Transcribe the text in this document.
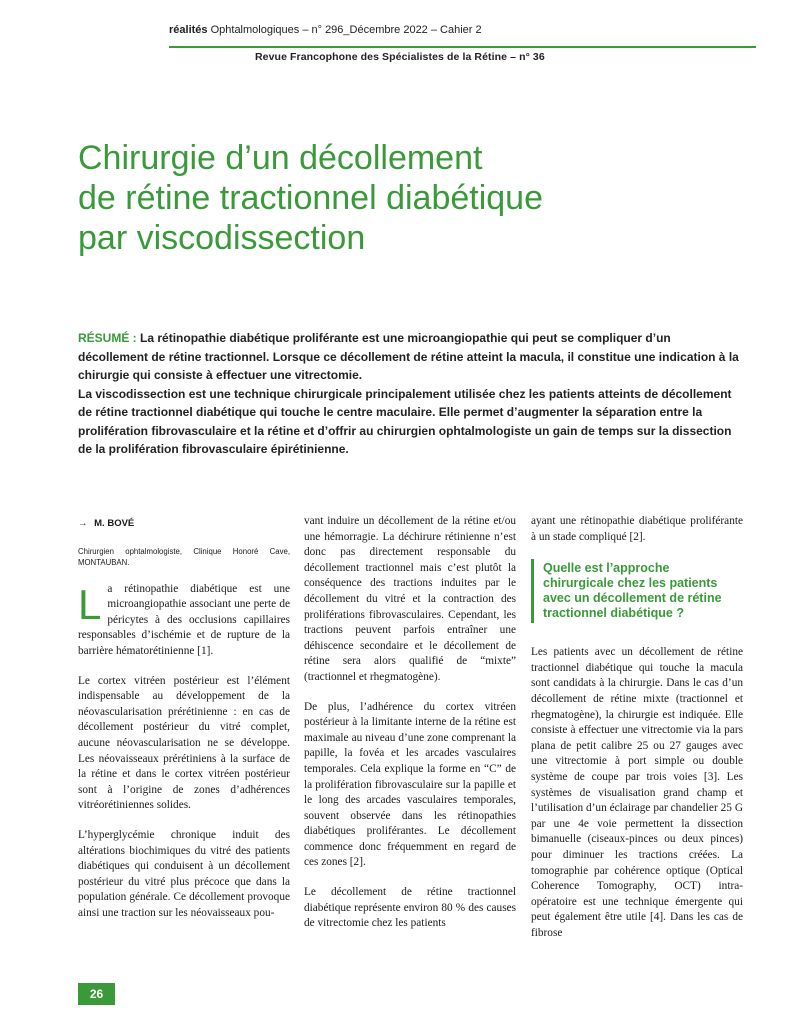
réalités Ophtalmologiques – n° 296_Décembre 2022 – Cahier 2
Revue Francophone des Spécialistes de la Rétine – n° 36
Chirurgie d’un décollement
de rétine tractionnel diabétique
par viscodissection
RÉSUMÉ : La rétinopathie diabétique proliférante est une microangiopathie qui peut se compliquer d’un décollement de rétine tractionnel. Lorsque ce décollement de rétine atteint la macula, il constitue une indication à la chirurgie qui consiste à effectuer une vitrectomie.
La viscodissection est une technique chirurgicale principalement utilisée chez les patients atteints de décollement de rétine tractionnel diabétique qui touche le centre maculaire. Elle permet d’augmenter la séparation entre la prolifération fibrovasculaire et la rétine et d’offrir au chirurgien ophtalmologiste un gain de temps sur la dissection de la prolifération fibrovasculaire épirétinienne.

→ M. BOVÉ

Chirurgien ophtalmologiste, Clinique Honoré Cave, MONTAUBAN.

L a rétinopathie diabétique est une microangiopathie associant une perte de péricytes à des occlusions capillaires responsables d’ischémie et de rupture de la barrière hématorétinienne [1].

Le cortex vitréen postérieur est l’élément indispensable au développement de la néovascularisation prérétinienne : en cas de décollement postérieur du vitré complet, aucune néovascularisation ne se développe. Les néovaisseaux prérétiniens à la surface de la rétine et dans le cortex vitréen postérieur sont à l’origine de zones d’adhérences vitréorétiniennes solides.

L’hyperglycémie chronique induit des altérations biochimiques du vitré des patients diabétiques qui conduisent à un décollement postérieur du vitré plus précoce que dans la population générale. Ce décollement provoque ainsi une traction sur les néovaisseaux pou-

vant induire un décollement de la rétine et/ou une hémorragie. La déchirure rétinienne n’est donc pas directement responsable du décollement tractionnel mais c’est plutôt la conséquence des tractions induites par le décollement du vitré et la contraction des proliférations fibrovasculaires. Cependant, les tractions peuvent parfois entraîner une déhiscence secondaire et le décollement de rétine sera alors qualifié de “mixte” (tractionnel et rhegmatogène).

De plus, l’adhérence du cortex vitréen postérieur à la limitante interne de la rétine est maximale au niveau d’une zone comprenant la papille, la fovéa et les arcades vasculaires temporales. Cela explique la forme en “C” de la prolifération fibrovasculaire sur la papille et le long des arcades vasculaires temporales, souvent observée dans les rétinopathies diabétiques proliférantes. Le décollement commence donc fréquemment en regard de ces zones [2].

Le décollement de rétine tractionnel diabétique représente environ 80 % des causes de vitrectomie chez les patients

ayant une rétinopathie diabétique proliférante à un stade compliqué [2].

Quelle est l’approche chirurgicale chez les patients avec un décollement de rétine tractionnel diabétique ?

Les patients avec un décollement de rétine tractionnel diabétique qui touche la macula sont candidats à la chirurgie. Dans le cas d’un décollement de rétine mixte (tractionnel et rhegmatogène), la chirurgie est indiquée. Elle consiste à effectuer une vitrectomie via la pars plana de petit calibre 25 ou 27 gauges avec une vitrectomie à port simple ou double système de coupe par trois voies [3]. Les systèmes de visualisation grand champ et l’utilisation d’un éclairage par chandelier 25 G par une 4e voie permettent la dissection bimanuelle (ciseaux-pinces ou deux pinces) pour diminuer les tractions créées. La tomographie par cohérence optique (Optical Coherence Tomography, OCT) intra-opératoire est une technique émergente qui peut également être utile [4]. Dans les cas de fibrose

26
